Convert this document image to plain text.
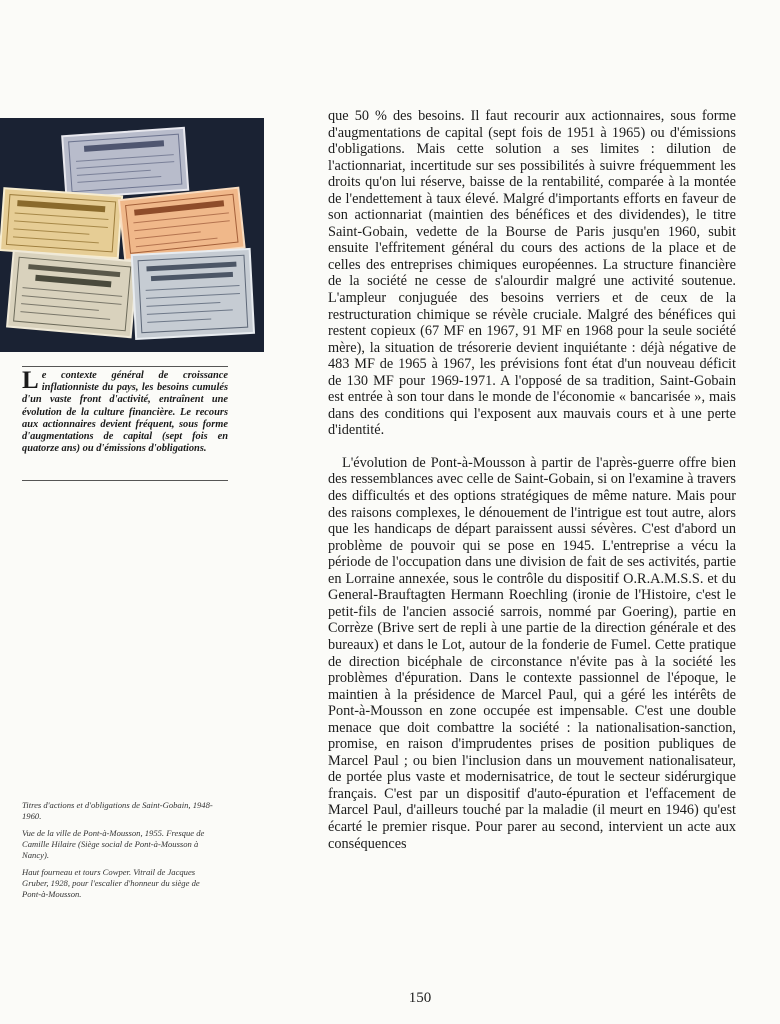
Le contexte général de croissance inflationniste du pays, les besoins cumulés d'un vaste front d'activité, entraînent une évolution de la culture financière. Le recours aux actionnaires devient fréquent, sous forme d'augmentations de capital (sept fois en quatorze ans) ou d'émissions d'obligations.

Titres d'actions et d'obligations de Saint-Gobain, 1948-1960.

Vue de la ville de Pont-à-Mousson, 1955. Fresque de Camille Hilaire (Siège social de Pont-à-Mousson à Nancy).

Haut fourneau et tours Cowper. Vitrail de Jacques Gruber, 1928, pour l'escalier d'honneur du siège de Pont-à-Mousson.

que 50 % des besoins. Il faut recourir aux actionnaires, sous forme d'augmentations de capital (sept fois de 1951 à 1965) ou d'émissions d'obligations. Mais cette solution a ses limites : dilution de l'actionnariat, incertitude sur ses possibilités à suivre fréquemment les droits qu'on lui réserve, baisse de la rentabilité, comparée à la montée de l'endettement à taux élevé. Malgré d'importants efforts en faveur de son actionnariat (maintien des bénéfices et des dividendes), le titre Saint-Gobain, vedette de la Bourse de Paris jusqu'en 1960, subit ensuite l'effritement général du cours des actions de la place et de celles des entreprises chimiques européennes. La structure financière de la société ne cesse de s'alourdir malgré une activité soutenue. L'ampleur conjuguée des besoins verriers et de ceux de la restructuration chimique se révèle cruciale. Malgré des bénéfices qui restent copieux (67 MF en 1967, 91 MF en 1968 pour la seule société mère), la situation de trésorerie devient inquiétante : déjà négative de 483 MF de 1965 à 1967, les prévisions font état d'un nouveau déficit de 130 MF pour 1969-1971. A l'opposé de sa tradition, Saint-Gobain est entrée à son tour dans le monde de l'économie « bancarisée », mais dans des conditions qui l'exposent aux mauvais cours et à une perte d'identité.

L'évolution de Pont-à-Mousson à partir de l'après-guerre offre bien des ressemblances avec celle de Saint-Gobain, si on l'examine à travers des difficultés et des options stratégiques de même nature. Mais pour des raisons complexes, le dénouement de l'intrigue est tout autre, alors que les handicaps de départ paraissent aussi sévères. C'est d'abord un problème de pouvoir qui se pose en 1945. L'entreprise a vécu la période de l'occupation dans une division de fait de ses activités, partie en Lorraine annexée, sous le contrôle du dispositif O.R.A.M.S.S. et du General-Brauftagten Hermann Roechling (ironie de l'Histoire, c'est le petit-fils de l'ancien associé sarrois, nommé par Goering), partie en Corrèze (Brive sert de repli à une partie de la direction générale et des bureaux) et dans le Lot, autour de la fonderie de Fumel. Cette pratique de direction bicéphale de circonstance n'évite pas à la société les problèmes d'épuration. Dans le contexte passionnel de l'époque, le maintien à la présidence de Marcel Paul, qui a géré les intérêts de Pont-à-Mousson en zone occupée est impensable. C'est une double menace que doit combattre la société : la nationalisation-sanction, promise, en raison d'imprudentes prises de position publiques de Marcel Paul ; ou bien l'inclusion dans un mouvement nationalisateur, de portée plus vaste et modernisatrice, de tout le secteur sidérurgique français. C'est par un dispositif d'auto-épuration et l'effacement de Marcel Paul, d'ailleurs touché par la maladie (il meurt en 1946) qu'est écarté le premier risque. Pour parer au second, intervient un acte aux conséquences

150
